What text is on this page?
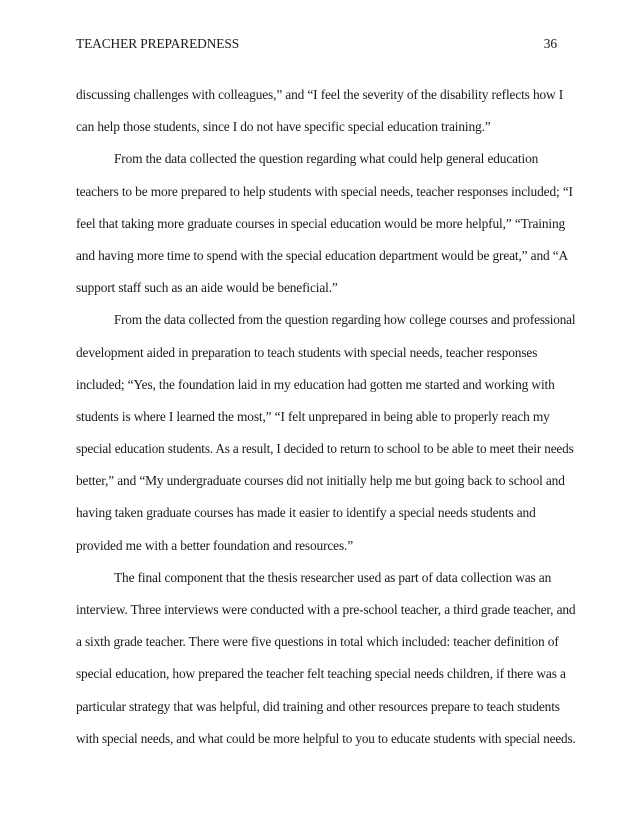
TEACHER PREPAREDNESS	36
discussing challenges with colleagues,” and “I feel the severity of the disability reflects how I
can help those students, since I do not have specific special education training.”
From the data collected the question regarding what could help general education
teachers to be more prepared to help students with special needs, teacher responses included; “I
feel that taking more graduate courses in special education would be more helpful,” “Training
and having more time to spend with the special education department would be great,” and “A
support staff such as an aide would be beneficial.”
From the data collected from the question regarding how college courses and professional
development aided in preparation to teach students with special needs, teacher responses
included; “Yes, the foundation laid in my education had gotten me started and working with
students is where I learned the most,” “I felt unprepared in being able to properly reach my
special education students. As a result, I decided to return to school to be able to meet their needs
better,” and “My undergraduate courses did not initially help me but going back to school and
having taken graduate courses has made it easier to identify a special needs students and
provided me with a better foundation and resources.”
The final component that the thesis researcher used as part of data collection was an
interview. Three interviews were conducted with a pre-school teacher, a third grade teacher, and
a sixth grade teacher. There were five questions in total which included: teacher definition of
special education, how prepared the teacher felt teaching special needs children, if there was a
particular strategy that was helpful, did training and other resources prepare to teach students
with special needs, and what could be more helpful to you to educate students with special needs.
